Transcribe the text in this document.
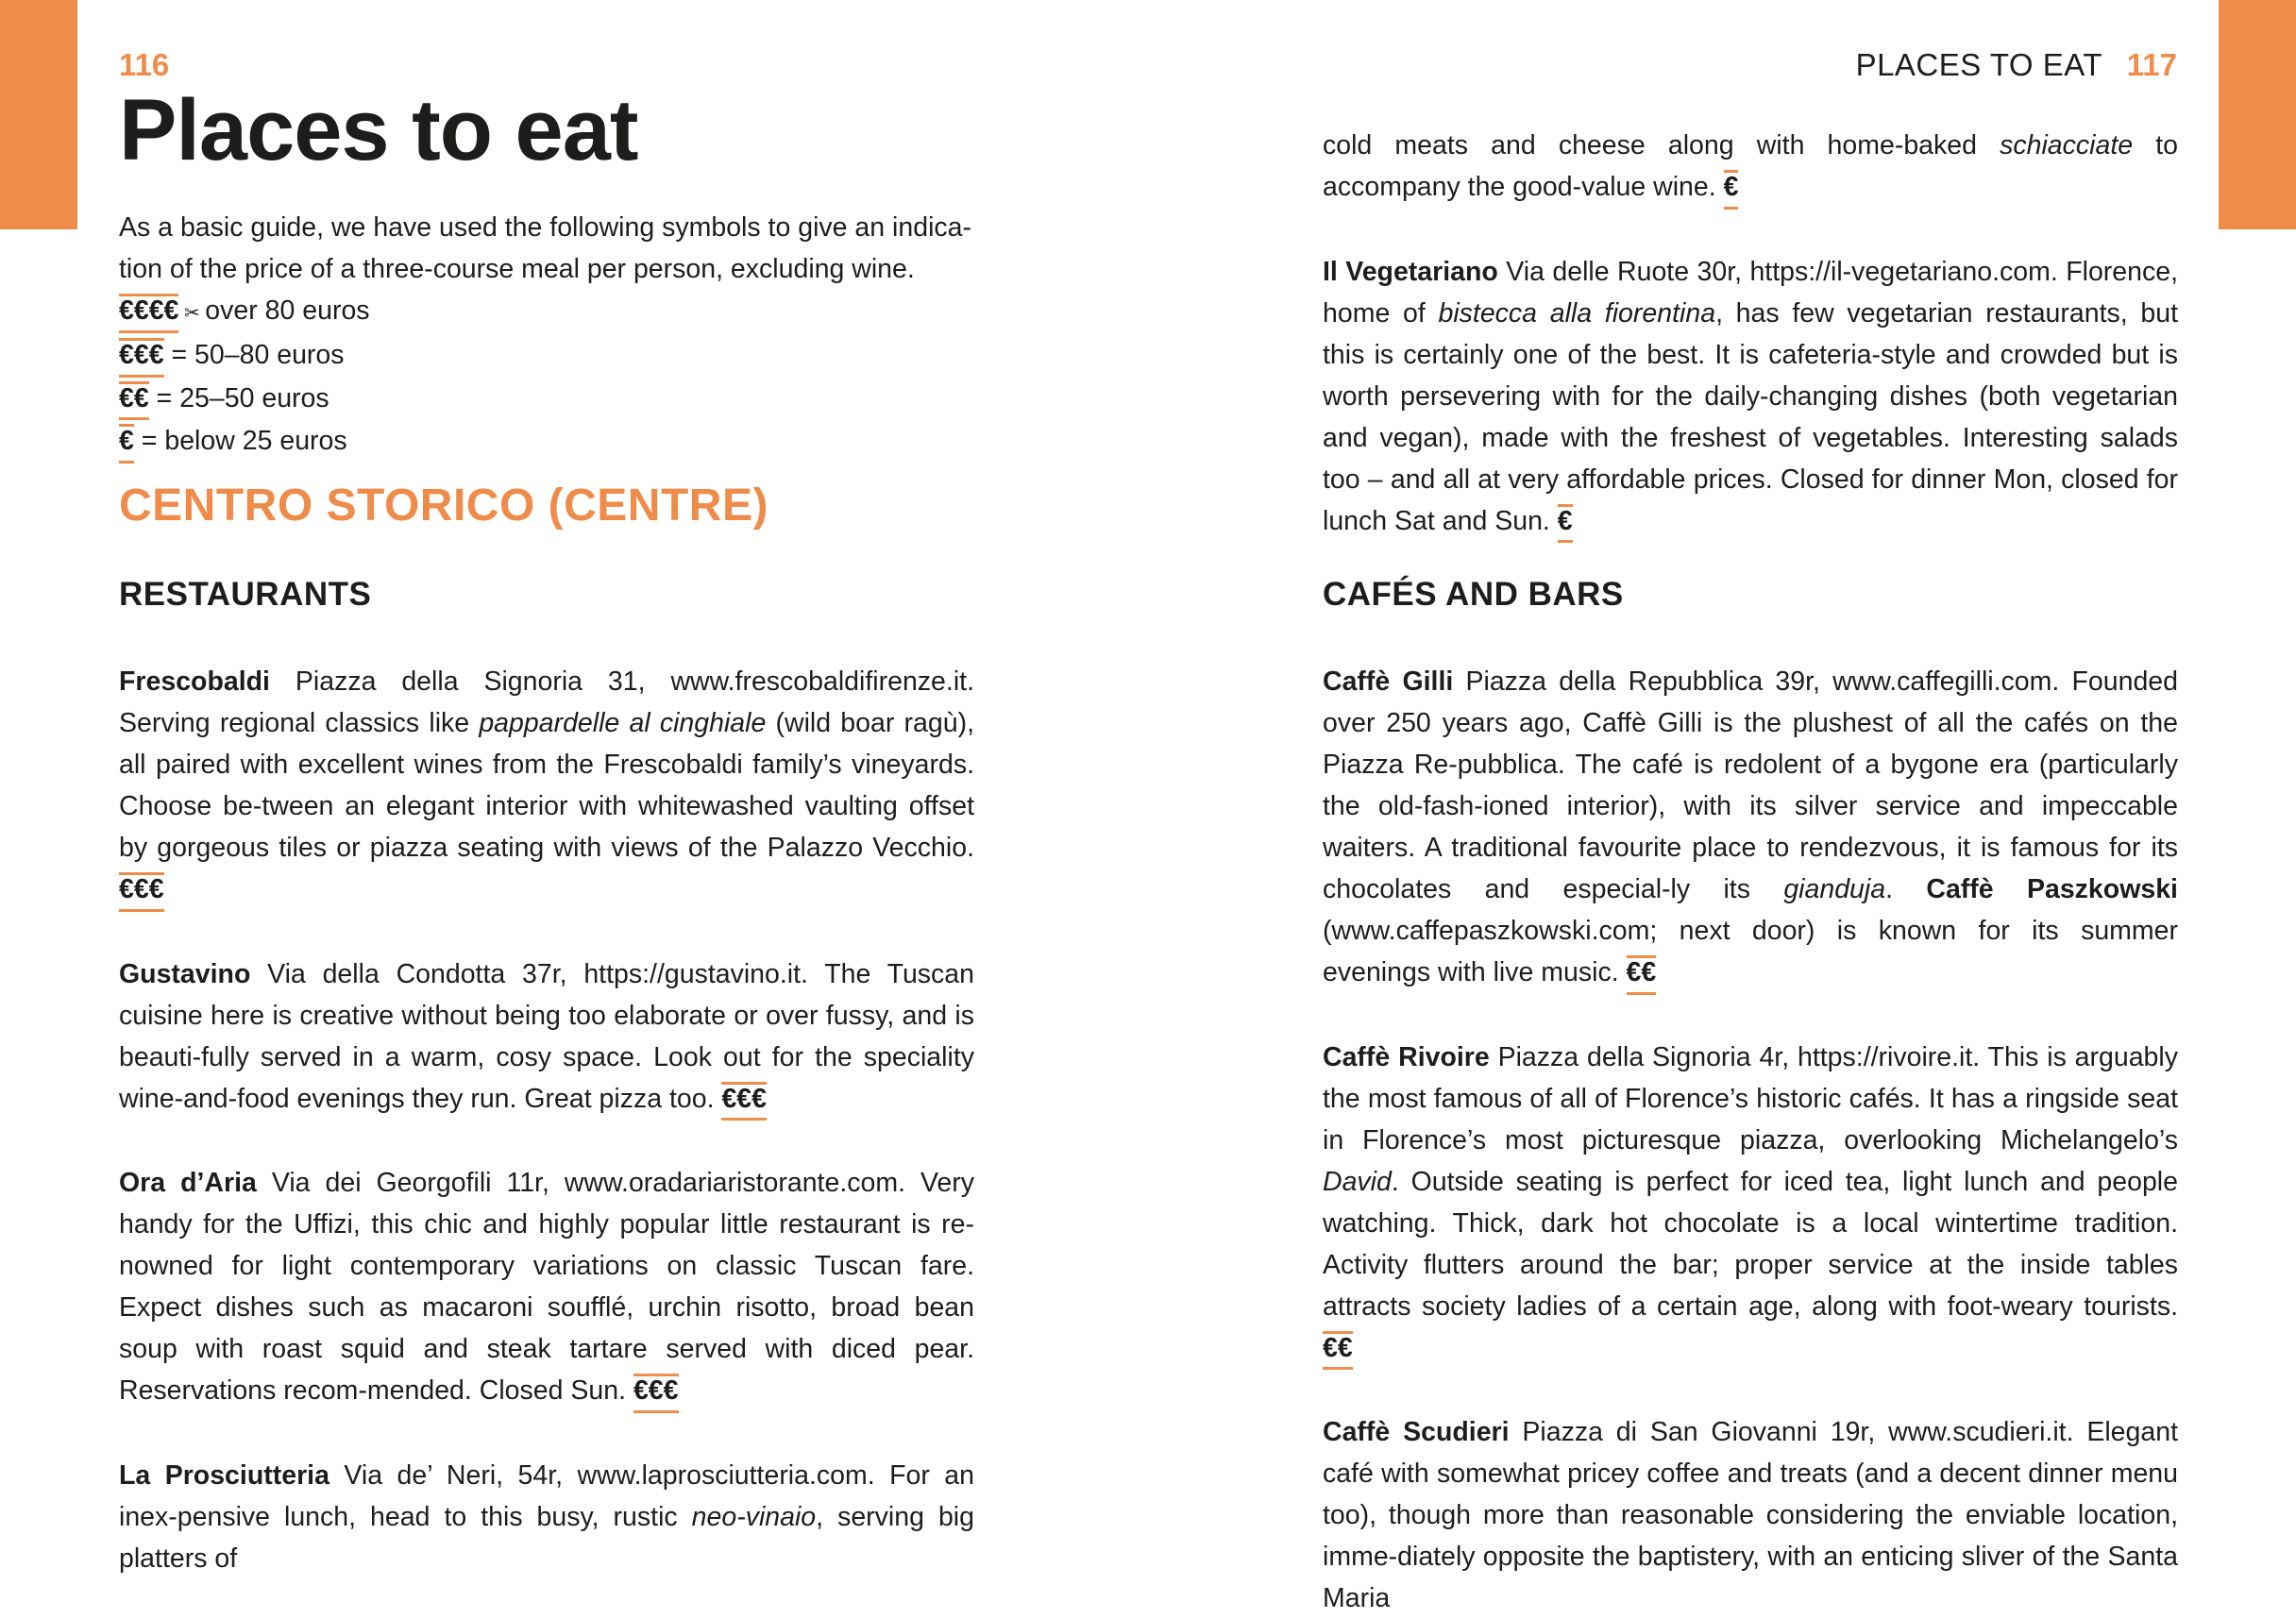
116
Places to eat

As a basic guide, we have used the following symbols to give an indica-tion of the price of a three-course meal per person, excluding wine.

€€€€ ✂ over 80 euros
€€€ = 50–80 euros
€€ = 25–50 euros
€ = below 25 euros
CENTRO STORICO (CENTRE)
RESTAURANTS

Frescobaldi Piazza della Signoria 31, www.frescobaldifirenze.it. Serving regional classics like pappardelle al cinghiale (wild boar ragù), all paired with excellent wines from the Frescobaldi family’s vineyards. Choose be-tween an elegant interior with whitewashed vaulting offset by gorgeous tiles or piazza seating with views of the Palazzo Vecchio. €€€

Gustavino Via della Condotta 37r, https://gustavino.it. The Tuscan cuisine here is creative without being too elaborate or over fussy, and is beauti-fully served in a warm, cosy space. Look out for the speciality wine-and-food evenings they run. Great pizza too. €€€

Ora d’Aria Via dei Georgofili 11r, www.oradariaristorante.com. Very handy for the Uffizi, this chic and highly popular little restaurant is re-nowned for light contemporary variations on classic Tuscan fare. Expect dishes such as macaroni soufflé, urchin risotto, broad bean soup with roast squid and steak tartare served with diced pear. Reservations recom-mended. Closed Sun. €€€

La Prosciutteria Via de’ Neri, 54r, www.laprosciutteria.com. For an inex-pensive lunch, head to this busy, rustic neo-vinaio, serving big platters of

PLACES TO EAT 117

cold meats and cheese along with home-baked schiacciate to accompany the good-value wine. €

Il Vegetariano Via delle Ruote 30r, https://il-vegetariano.com. Florence, home of bistecca alla fiorentina, has few vegetarian restaurants, but this is certainly one of the best. It is cafeteria-style and crowded but is worth persevering with for the daily-changing dishes (both vegetarian and vegan), made with the freshest of vegetables. Interesting salads too – and all at very affordable prices. Closed for dinner Mon, closed for lunch Sat and Sun. €

CAFÉS AND BARS

Caffè Gilli Piazza della Repubblica 39r, www.caffegilli.com. Founded over 250 years ago, Caffè Gilli is the plushest of all the cafés on the Piazza Re-pubblica. The café is redolent of a bygone era (particularly the old-fash-ioned interior), with its silver service and impeccable waiters. A traditional favourite place to rendezvous, it is famous for its chocolates and especial-ly its gianduja. Caffè Paszkowski (www.caffepaszkowski.com; next door) is known for its summer evenings with live music. €€

Caffè Rivoire Piazza della Signoria 4r, https://rivoire.it. This is arguably the most famous of all of Florence’s historic cafés. It has a ringside seat in Florence’s most picturesque piazza, overlooking Michelangelo’s David. Outside seating is perfect for iced tea, light lunch and people watching. Thick, dark hot chocolate is a local wintertime tradition. Activity flutters around the bar; proper service at the inside tables attracts society ladies of a certain age, along with foot-weary tourists. €€

Caffè Scudieri Piazza di San Giovanni 19r, www.scudieri.it. Elegant café with somewhat pricey coffee and treats (and a decent dinner menu too), though more than reasonable considering the enviable location, imme-diately opposite the baptistery, with an enticing sliver of the Santa Maria
